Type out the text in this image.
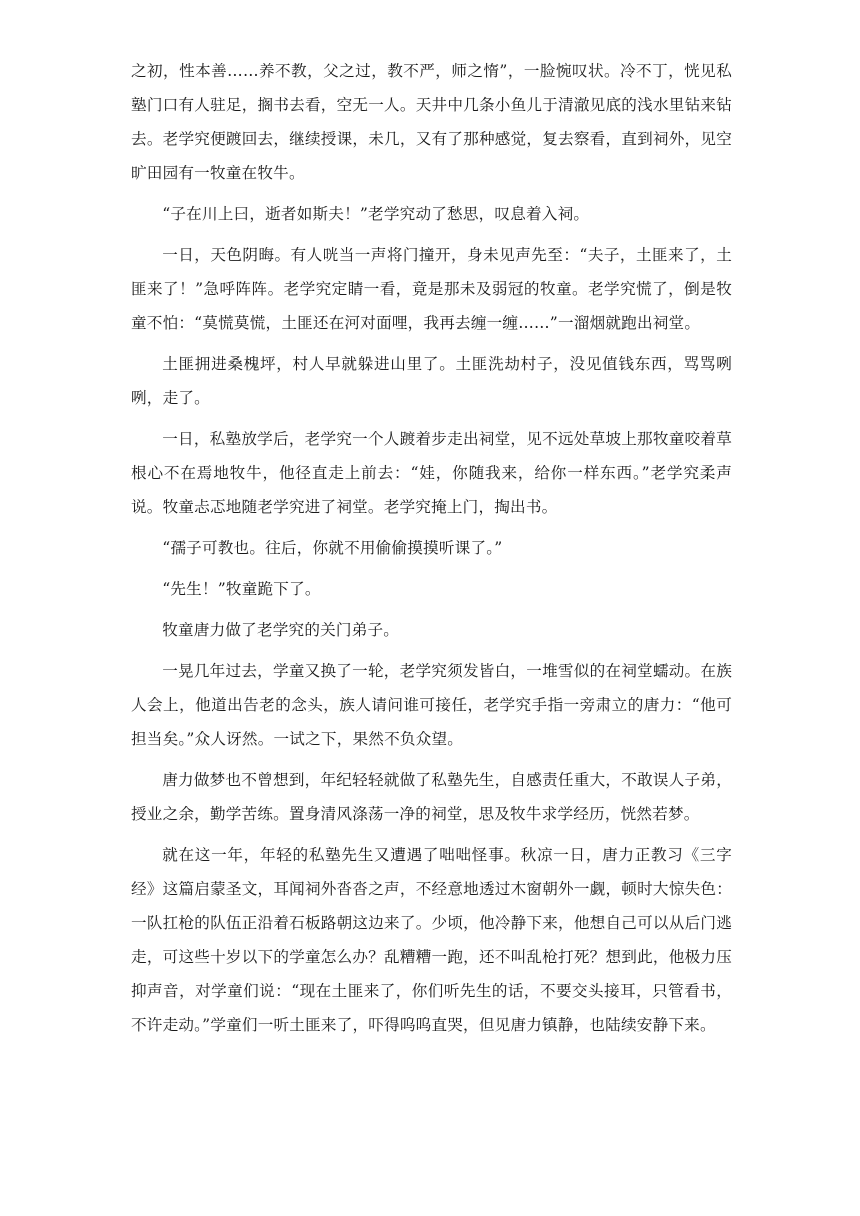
之初，性本善……养不教，父之过，教不严，师之惰”，一脸惋叹状。冷不丁，恍见私塾门口有人驻足，搁书去看，空无一人。天井中几条小鱼儿于清澈见底的浅水里钻来钻去。老学究便踱回去，继续授课，未几，又有了那种感觉，复去察看，直到祠外，见空旷田园有一牧童在牧牛。

“子在川上曰，逝者如斯夫！”老学究动了愁思，叹息着入祠。

一日，天色阴晦。有人咣当一声将门撞开，身未见声先至：“夫子，土匪来了，土匪来了！”急呼阵阵。老学究定睛一看，竟是那未及弱冠的牧童。老学究慌了，倒是牧童不怕：“莫慌莫慌，土匪还在河对面哩，我再去缠一缠……”一溜烟就跑出祠堂。

土匪拥进桑槐坪，村人早就躲进山里了。土匪洗劫村子，没见值钱东西，骂骂咧咧，走了。

一日，私塾放学后，老学究一个人踱着步走出祠堂，见不远处草坡上那牧童咬着草根心不在焉地牧牛，他径直走上前去：“娃，你随我来，给你一样东西。”老学究柔声说。牧童忐忑地随老学究进了祠堂。老学究掩上门，掏出书。

“孺子可教也。往后，你就不用偷偷摸摸听课了。”

“先生！”牧童跪下了。

牧童唐力做了老学究的关门弟子。

一晃几年过去，学童又换了一轮，老学究须发皆白，一堆雪似的在祠堂蠕动。在族人会上，他道出告老的念头，族人请问谁可接任，老学究手指一旁肃立的唐力：“他可担当矣。”众人讶然。一试之下，果然不负众望。

唐力做梦也不曾想到，年纪轻轻就做了私塾先生，自感责任重大，不敢误人子弟，授业之余，勤学苦练。置身清风涤荡一净的祠堂，思及牧牛求学经历，恍然若梦。

就在这一年，年轻的私塾先生又遭遇了咄咄怪事。秋凉一日，唐力正教习《三字经》这篇启蒙圣文，耳闻祠外沓沓之声，不经意地透过木窗朝外一觑，顿时大惊失色：一队扛枪的队伍正沿着石板路朝这边来了。少顷，他冷静下来，他想自己可以从后门逃走，可这些十岁以下的学童怎么办？乱糟糟一跑，还不叫乱枪打死？想到此，他极力压抑声音，对学童们说：“现在土匪来了，你们听先生的话，不要交头接耳，只管看书，不许走动。”学童们一听土匪来了，吓得呜呜直哭，但见唐力镇静，也陆续安静下来。
